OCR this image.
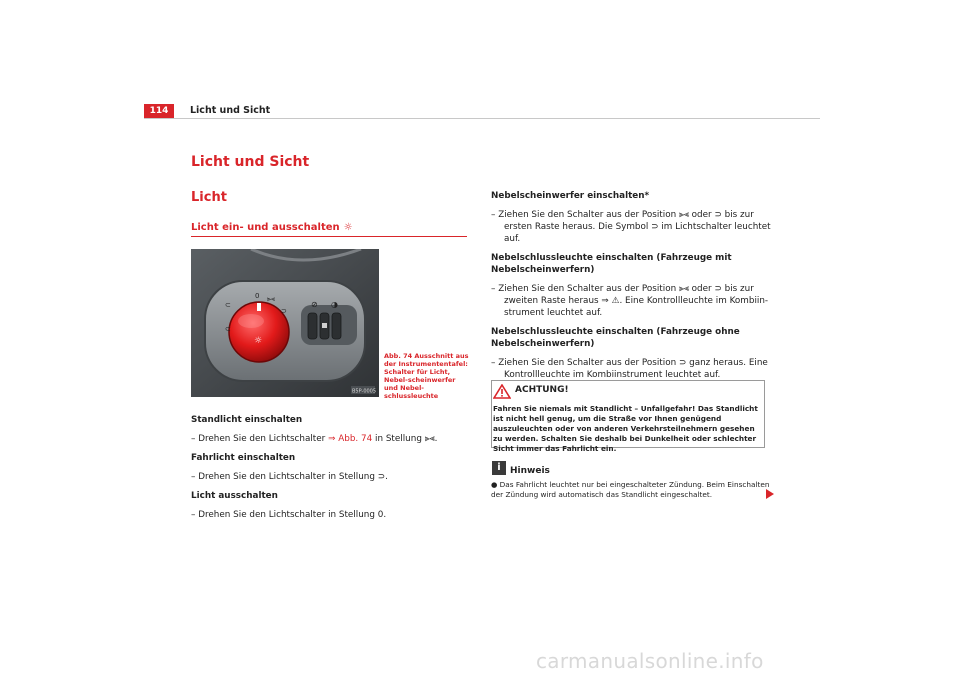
114	Licht und Sicht
Licht und Sicht
Licht
Licht ein- und ausschalten ☼
⊘ ◑
0 ⫸⫷
⊃
⊂
⊂
☼
B5P-0005
Abb. 74 Ausschnitt aus der Instrumententafel: Schalter für Licht, Nebel-scheinwerfer und Nebel-schlussleuchte

Standlicht einschalten

– Drehen Sie den Lichtschalter ⇒ Abb. 74 in Stellung ⫸⫷.

Fahrlicht einschalten

– Drehen Sie den Lichtschalter in Stellung ⊃.

Licht ausschalten

– Drehen Sie den Lichtschalter in Stellung 0.

Nebelscheinwerfer einschalten*

– Ziehen Sie den Schalter aus der Position ⫸⫷ oder ⊃ bis zur ersten Raste heraus. Die Symbol ⊃ im Lichtschalter leuchtet auf.

Nebelschlussleuchte einschalten (Fahrzeuge mit Nebelscheinwerfern)

– Ziehen Sie den Schalter aus der Position ⫸⫷ oder ⊃ bis zur zweiten Raste heraus ⇒ ⚠. Eine Kontrollleuchte im Kombiin-strument leuchtet auf.

Nebelschlussleuchte einschalten (Fahrzeuge ohne Nebelscheinwerfern)

– Ziehen Sie den Schalter aus der Position ⊃ ganz heraus. Eine Kontrollleuchte im Kombiinstrument leuchtet auf.

ACHTUNG!
Fahren Sie niemals mit Standlicht – Unfallgefahr! Das Standlicht ist nicht hell genug, um die Straße vor Ihnen genügend auszuleuchten oder von anderen Verkehrsteilnehmern gesehen zu werden. Schalten Sie deshalb bei Dunkelheit oder schlechter Sicht immer das Fahrlicht ein.
i	Hinweis
● Das Fahrlicht leuchtet nur bei eingeschalteter Zündung. Beim Einschalten der Zündung wird automatisch das Standlicht eingeschaltet.
carmanualsonline.info
